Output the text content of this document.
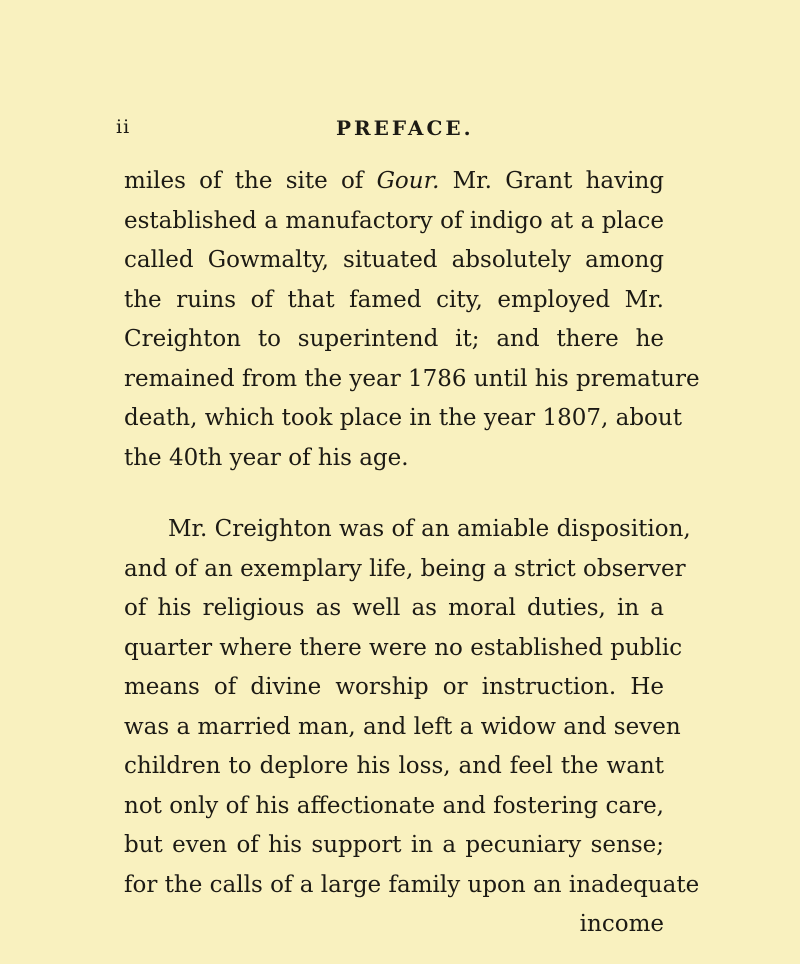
ii	PREFACE.
miles of the site of Gour. Mr. Grant having
established a manufactory of indigo at a place
called Gowmalty, situated absolutely among
the ruins of that famed city, employed Mr.
Creighton to superintend it; and there he
remained from the year 1786 until his premature
death, which took place in the year 1807, about
the 40th year of his age.
Mr. Creighton was of an amiable disposition,
and of an exemplary life, being a strict observer
of his religious as well as moral duties, in a
quarter where there were no established public
means of divine worship or instruction. He
was a married man, and left a widow and seven
children to deplore his loss, and feel the want
not only of his affectionate and fostering care,
but even of his support in a pecuniary sense;
for the calls of a large family upon an inadequate
income
